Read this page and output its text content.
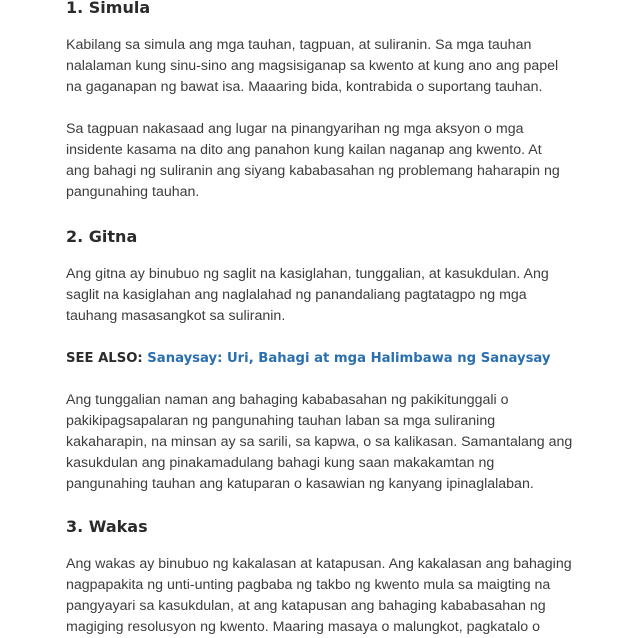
1. Simula

Kabilang sa simula ang mga tauhan, tagpuan, at suliranin. Sa mga tauhan
nalalaman kung sinu-sino ang magsisiganap sa kwento at kung ano ang papel
na gaganapan ng bawat isa. Maaaring bida, kontrabida o suportang tauhan.

Sa tagpuan nakasaad ang lugar na pinangyarihan ng mga aksyon o mga
insidente kasama na dito ang panahon kung kailan naganap ang kwento. At
ang bahagi ng suliranin ang siyang kababasahan ng problemang haharapin ng
pangunahing tauhan.

2. Gitna

Ang gitna ay binubuo ng saglit na kasiglahan, tunggalian, at kasukdulan. Ang
saglit na kasiglahan ang naglalahad ng panandaliang pagtatagpo ng mga
tauhang masasangkot sa suliranin.

SEE ALSO: Sanaysay: Uri, Bahagi at mga Halimbawa ng Sanaysay

Ang tunggalian naman ang bahaging kababasahan ng pakikitunggali o
pakikipagsapalaran ng pangunahing tauhan laban sa mga suliraning
kakaharapin, na minsan ay sa sarili, sa kapwa, o sa kalikasan. Samantalang ang
kasukdulan ang pinakamadulang bahagi kung saan makakamtan ng
pangunahing tauhan ang katuparan o kasawian ng kanyang ipinaglalaban.

3. Wakas

Ang wakas ay binubuo ng kakalasan at katapusan. Ang kakalasan ang bahaging
nagpapakita ng unti-unting pagbaba ng takbo ng kwento mula sa maigting na
pangyayari sa kasukdulan, at ang katapusan ang bahaging kababasahan ng
magiging resolusyon ng kwento. Maaring masaya o malungkot, pagkatalo o
